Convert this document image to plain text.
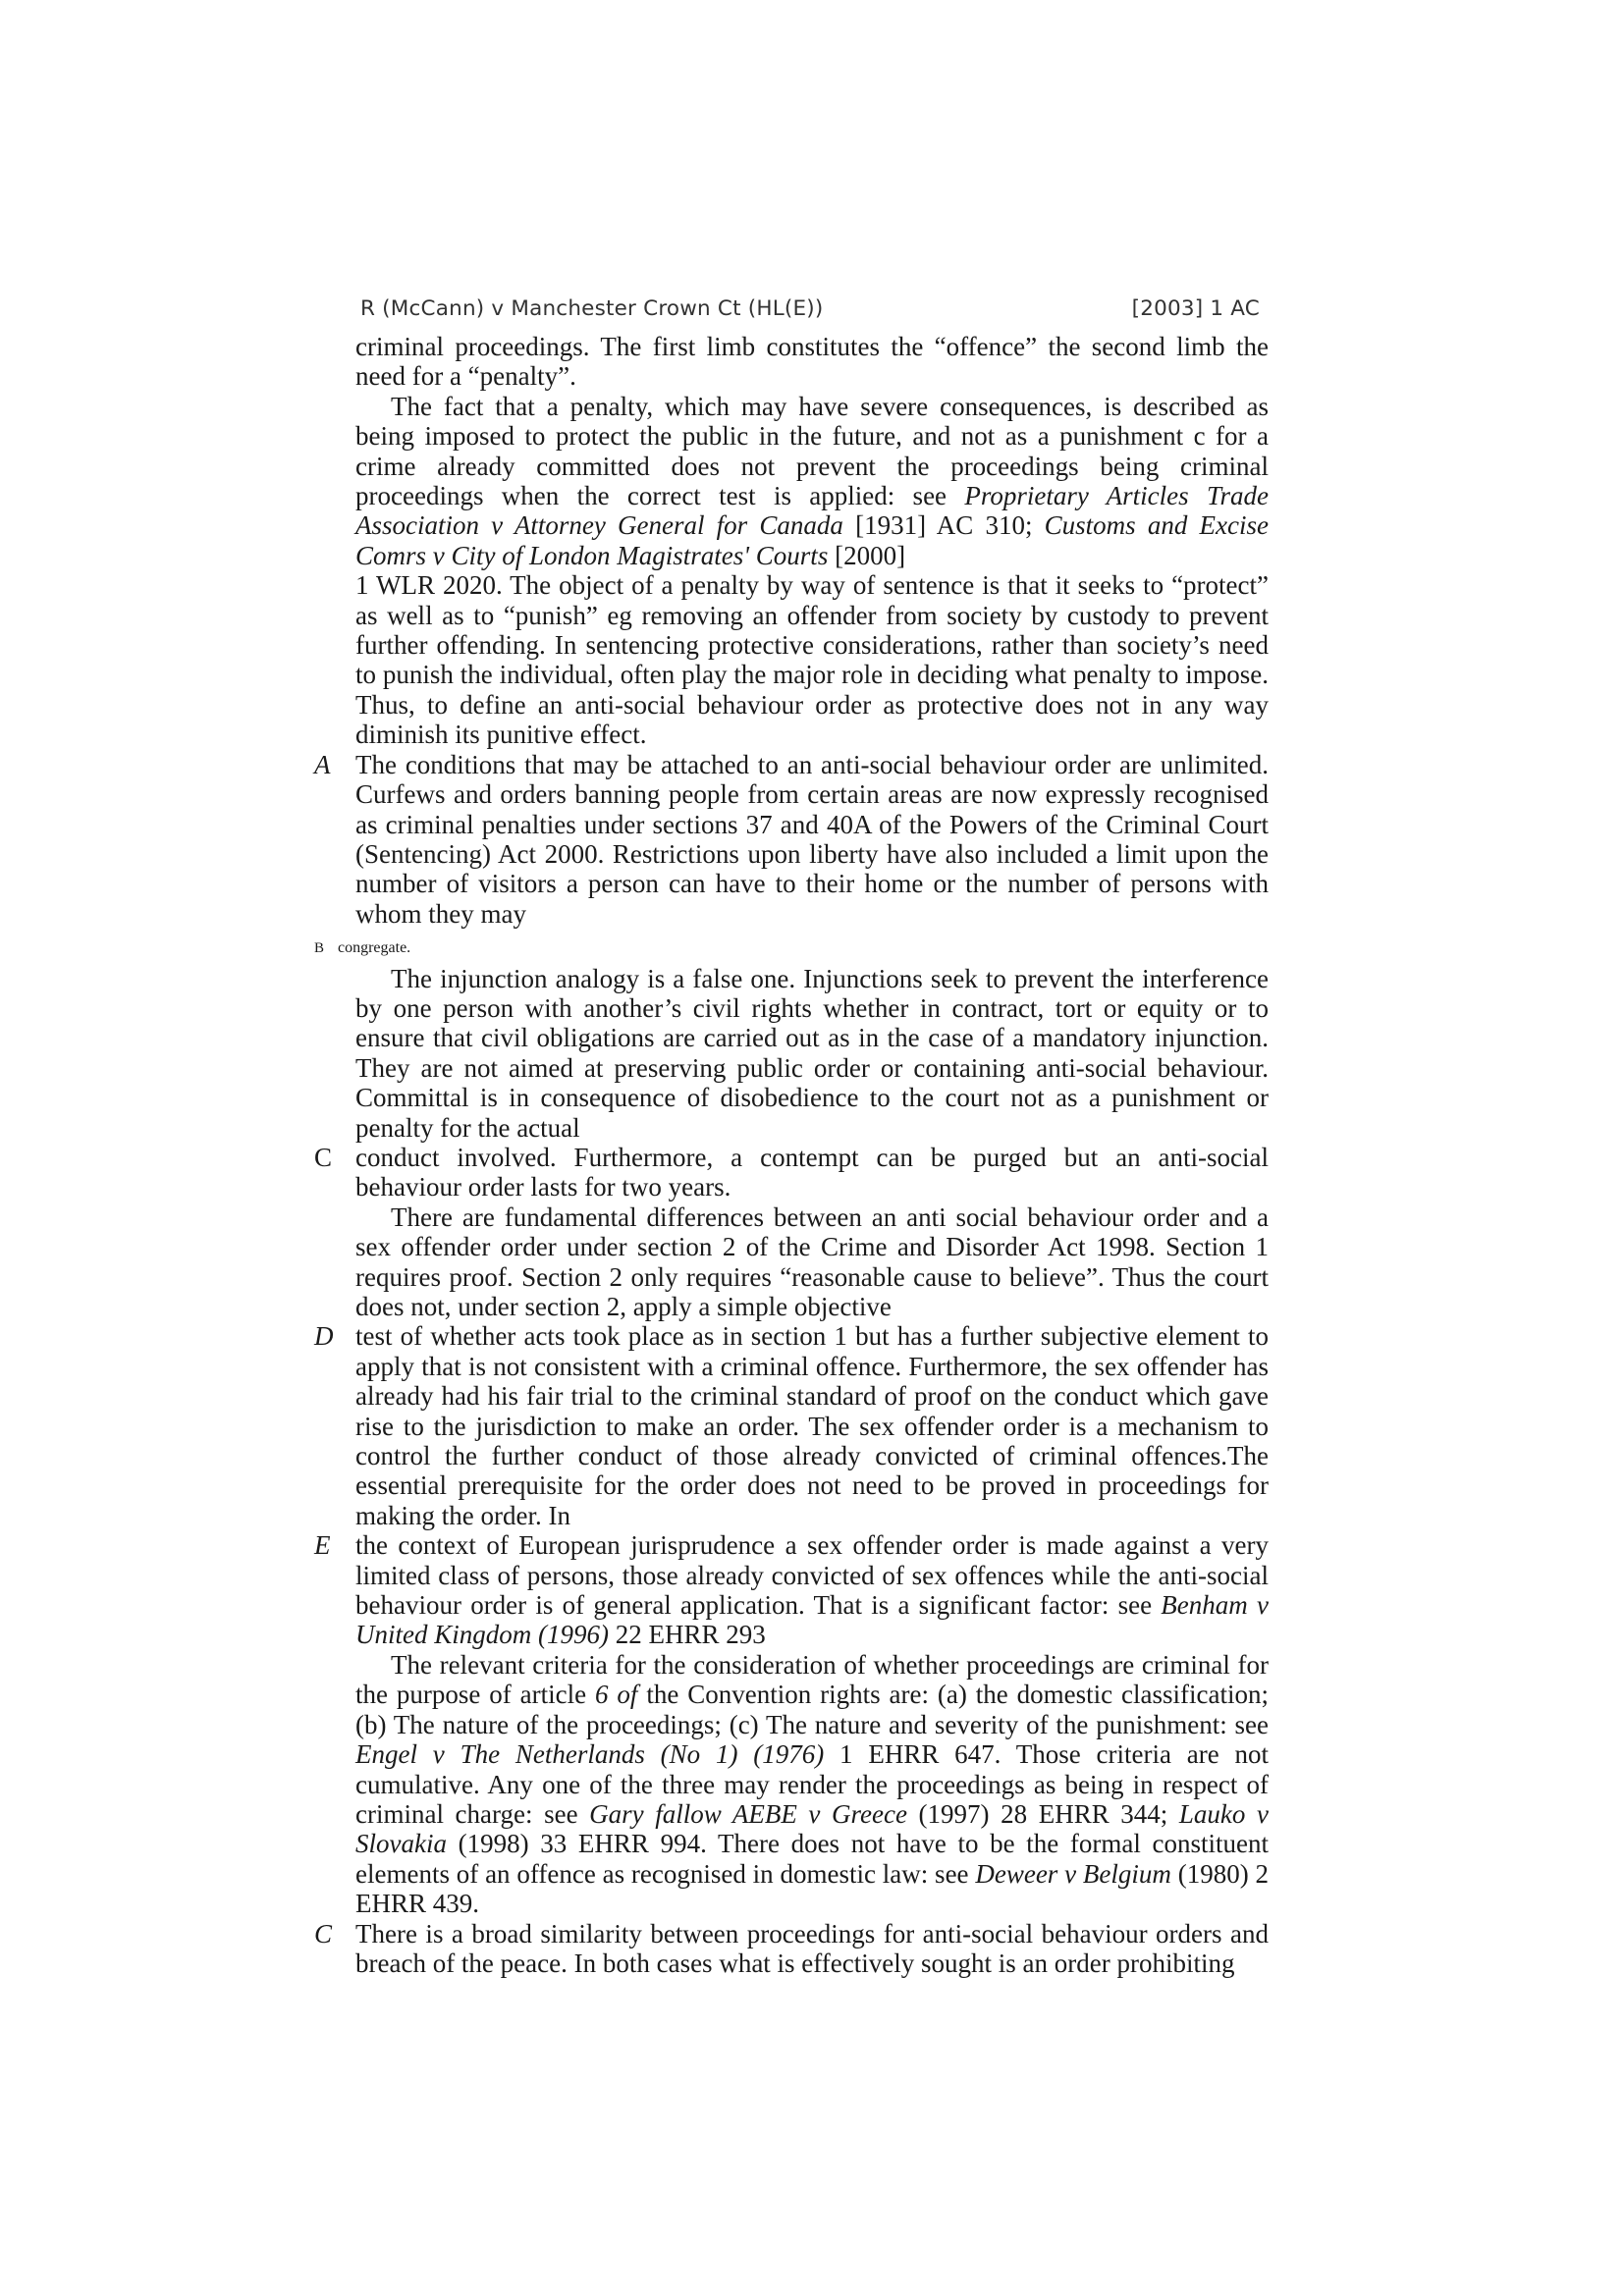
R (McCann) v Manchester Crown Ct (HL(E))	[2003] 1 AC

criminal proceedings. The first limb constitutes the “offence” the second limb the need for a “penalty”.

The fact that a penalty, which may have severe consequences, is described as being imposed to protect the public in the future, and not as a punishment c for a crime already committed does not prevent the proceedings being criminal proceedings when the correct test is applied: see Proprietary Articles Trade Association v Attorney General for Canada [1931] AC 310; Customs and Excise Comrs v City of London Magistrates' Courts [2000]

1 WLR 2020. The object of a penalty by way of sentence is that it seeks to “protect” as well as to “punish” eg removing an offender from society by custody to prevent further offending. In sentencing protective considerations, rather than society’s need to punish the individual, often play the major role in deciding what penalty to impose. Thus, to define an anti-social behaviour order as protective does not in any way diminish its punitive effect.

A The conditions that may be attached to an anti-social behaviour order are unlimited. Curfews and orders banning people from certain areas are now expressly recognised as criminal penalties under sections 37 and 40A of the Powers of the Criminal Court (Sentencing) Act 2000. Restrictions upon liberty have also included a limit upon the number of visitors a person can have to their home or the number of persons with whom they may

B congregate.

The injunction analogy is a false one. Injunctions seek to prevent the interference by one person with another’s civil rights whether in contract, tort or equity or to ensure that civil obligations are carried out as in the case of a mandatory injunction. They are not aimed at preserving public order or containing anti-social behaviour. Committal is in consequence of disobedience to the court not as a punishment or penalty for the actual

C conduct involved. Furthermore, a contempt can be purged but an anti-social behaviour order lasts for two years.

There are fundamental differences between an anti social behaviour order and a sex offender order under section 2 of the Crime and Disorder Act 1998. Section 1 requires proof. Section 2 only requires “reasonable cause to believe”. Thus the court does not, under section 2, apply a simple objective

D test of whether acts took place as in section 1 but has a further subjective element to apply that is not consistent with a criminal offence. Furthermore, the sex offender has already had his fair trial to the criminal standard of proof on the conduct which gave rise to the jurisdiction to make an order. The sex offender order is a mechanism to control the further conduct of those already convicted of criminal offences.The essential prerequisite for the order does not need to be proved in proceedings for making the order. In

E the context of European jurisprudence a sex offender order is made against a very limited class of persons, those already convicted of sex offences while the anti-social behaviour order is of general application. That is a significant factor: see Benham v United Kingdom (1996) 22 EHRR 293

The relevant criteria for the consideration of whether proceedings are criminal for the purpose of article 6 of the Convention rights are: (a) the domestic classification; (b) The nature of the proceedings; (c) The nature and severity of the punishment: see Engel v The Netherlands (No 1) (1976) 1 EHRR 647. Those criteria are not cumulative. Any one of the three may render the proceedings as being in respect of criminal charge: see Gary fallow AEBE v Greece (1997) 28 EHRR 344; Lauko v Slovakia (1998) 33 EHRR 994. There does not have to be the formal constituent elements of an offence as recognised in domestic law: see Deweer v Belgium (1980) 2 EHRR 439.

C There is a broad similarity between proceedings for anti-social behaviour orders and breach of the peace. In both cases what is effectively sought is an order prohibiting
